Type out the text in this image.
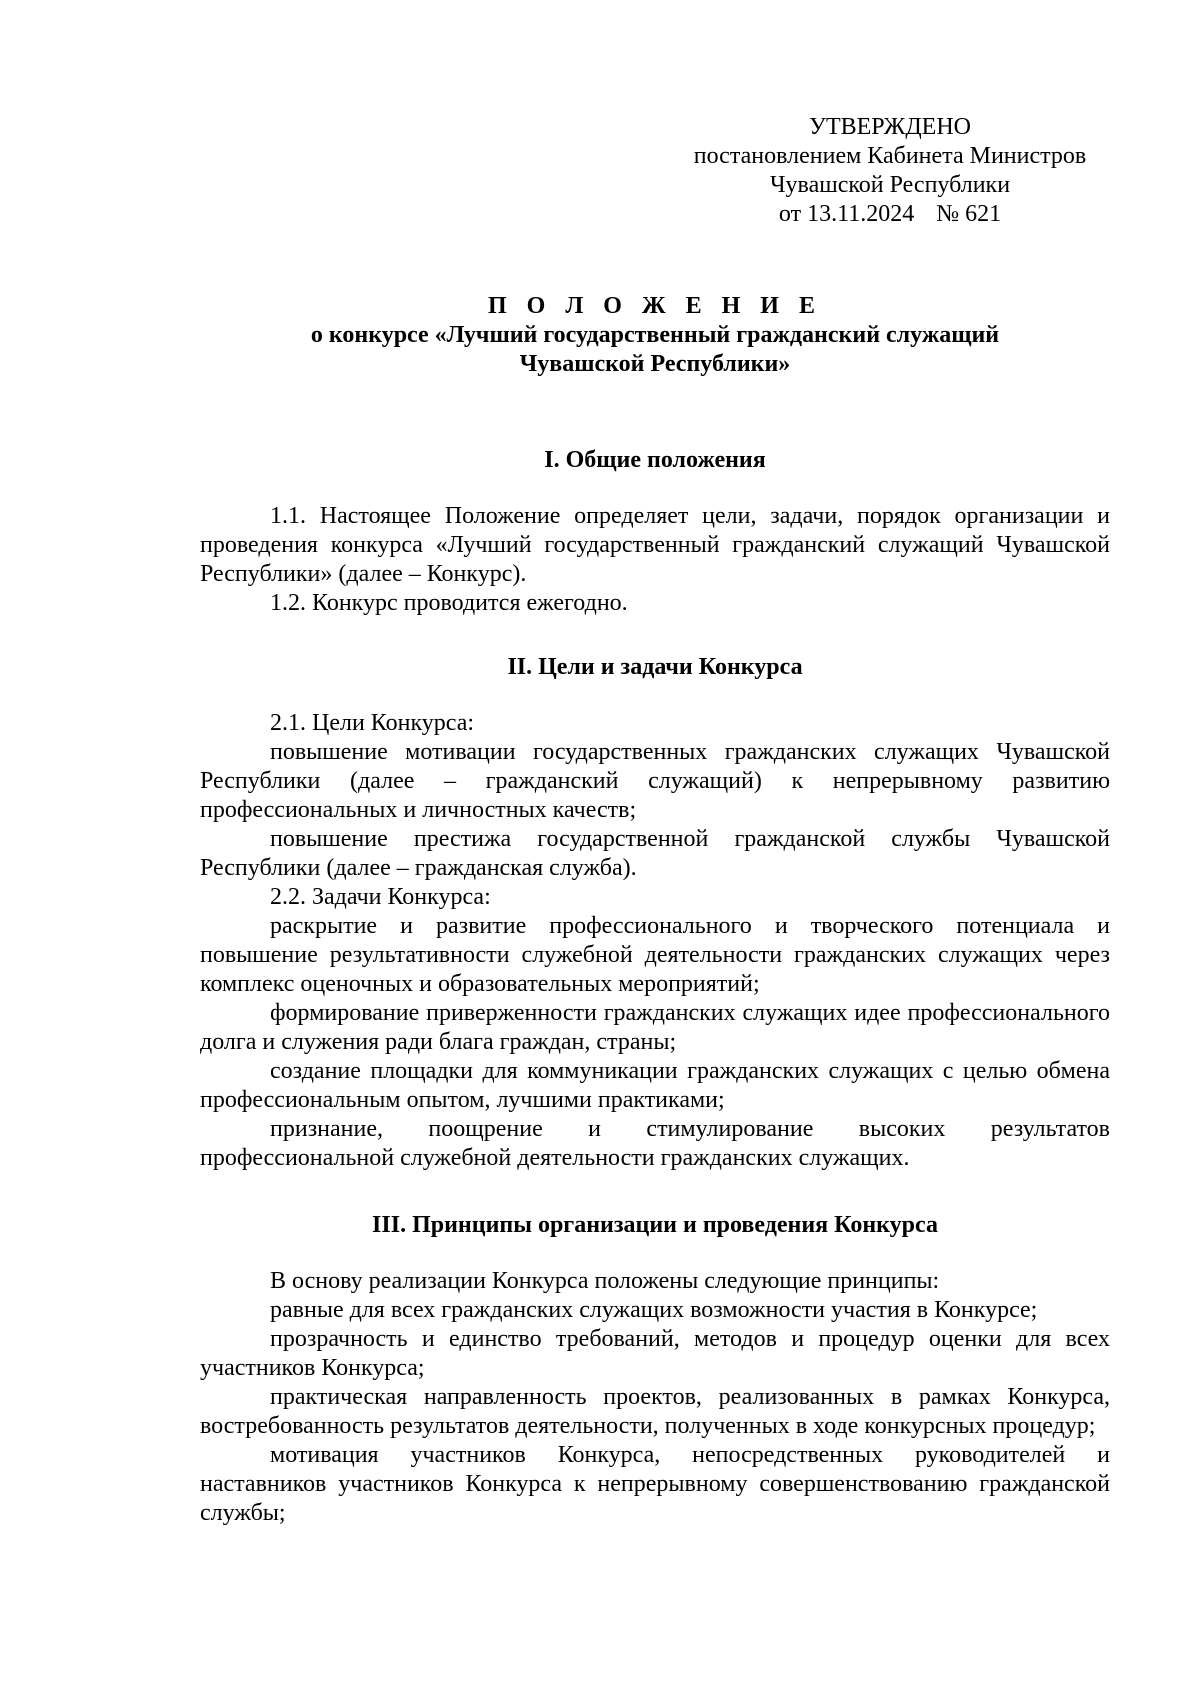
УТВЕРЖДЕНО
постановлением Кабинета Министров
Чувашской Республики
от 13.11.2024 № 621
П О Л О Ж Е Н И Е
о конкурсе «Лучший государственный гражданский служащий
Чувашской Республики»
I. Общие положения

1.1. Настоящее Положение определяет цели, задачи, порядок организации и проведения конкурса «Лучший государственный гражданский служащий Чувашской Республики» (далее – Конкурс).

1.2. Конкурс проводится ежегодно.

II. Цели и задачи Конкурса

2.1. Цели Конкурса:

повышение мотивации государственных гражданских служащих Чувашской Республики (далее – гражданский служащий) к непрерывному развитию профессиональных и личностных качеств;

повышение престижа государственной гражданской службы Чувашской Республики (далее – гражданская служба).

2.2. Задачи Конкурса:

раскрытие и развитие профессионального и творческого потенциала и повышение результативности служебной деятельности гражданских служащих через комплекс оценочных и образовательных мероприятий;

формирование приверженности гражданских служащих идее профессионального долга и служения ради блага граждан, страны;

создание площадки для коммуникации гражданских служащих с целью обмена профессиональным опытом, лучшими практиками;

признание, поощрение и стимулирование высоких результатов профессиональной служебной деятельности гражданских служащих.

III. Принципы организации и проведения Конкурса

В основу реализации Конкурса положены следующие принципы:

равные для всех гражданских служащих возможности участия в Конкурсе;

прозрачность и единство требований, методов и процедур оценки для всех участников Конкурса;

практическая направленность проектов, реализованных в рамках Конкурса, востребованность результатов деятельности, полученных в ходе конкурсных процедур;

мотивация участников Конкурса, непосредственных руководителей и наставников участников Конкурса к непрерывному совершенствованию гражданской службы;
